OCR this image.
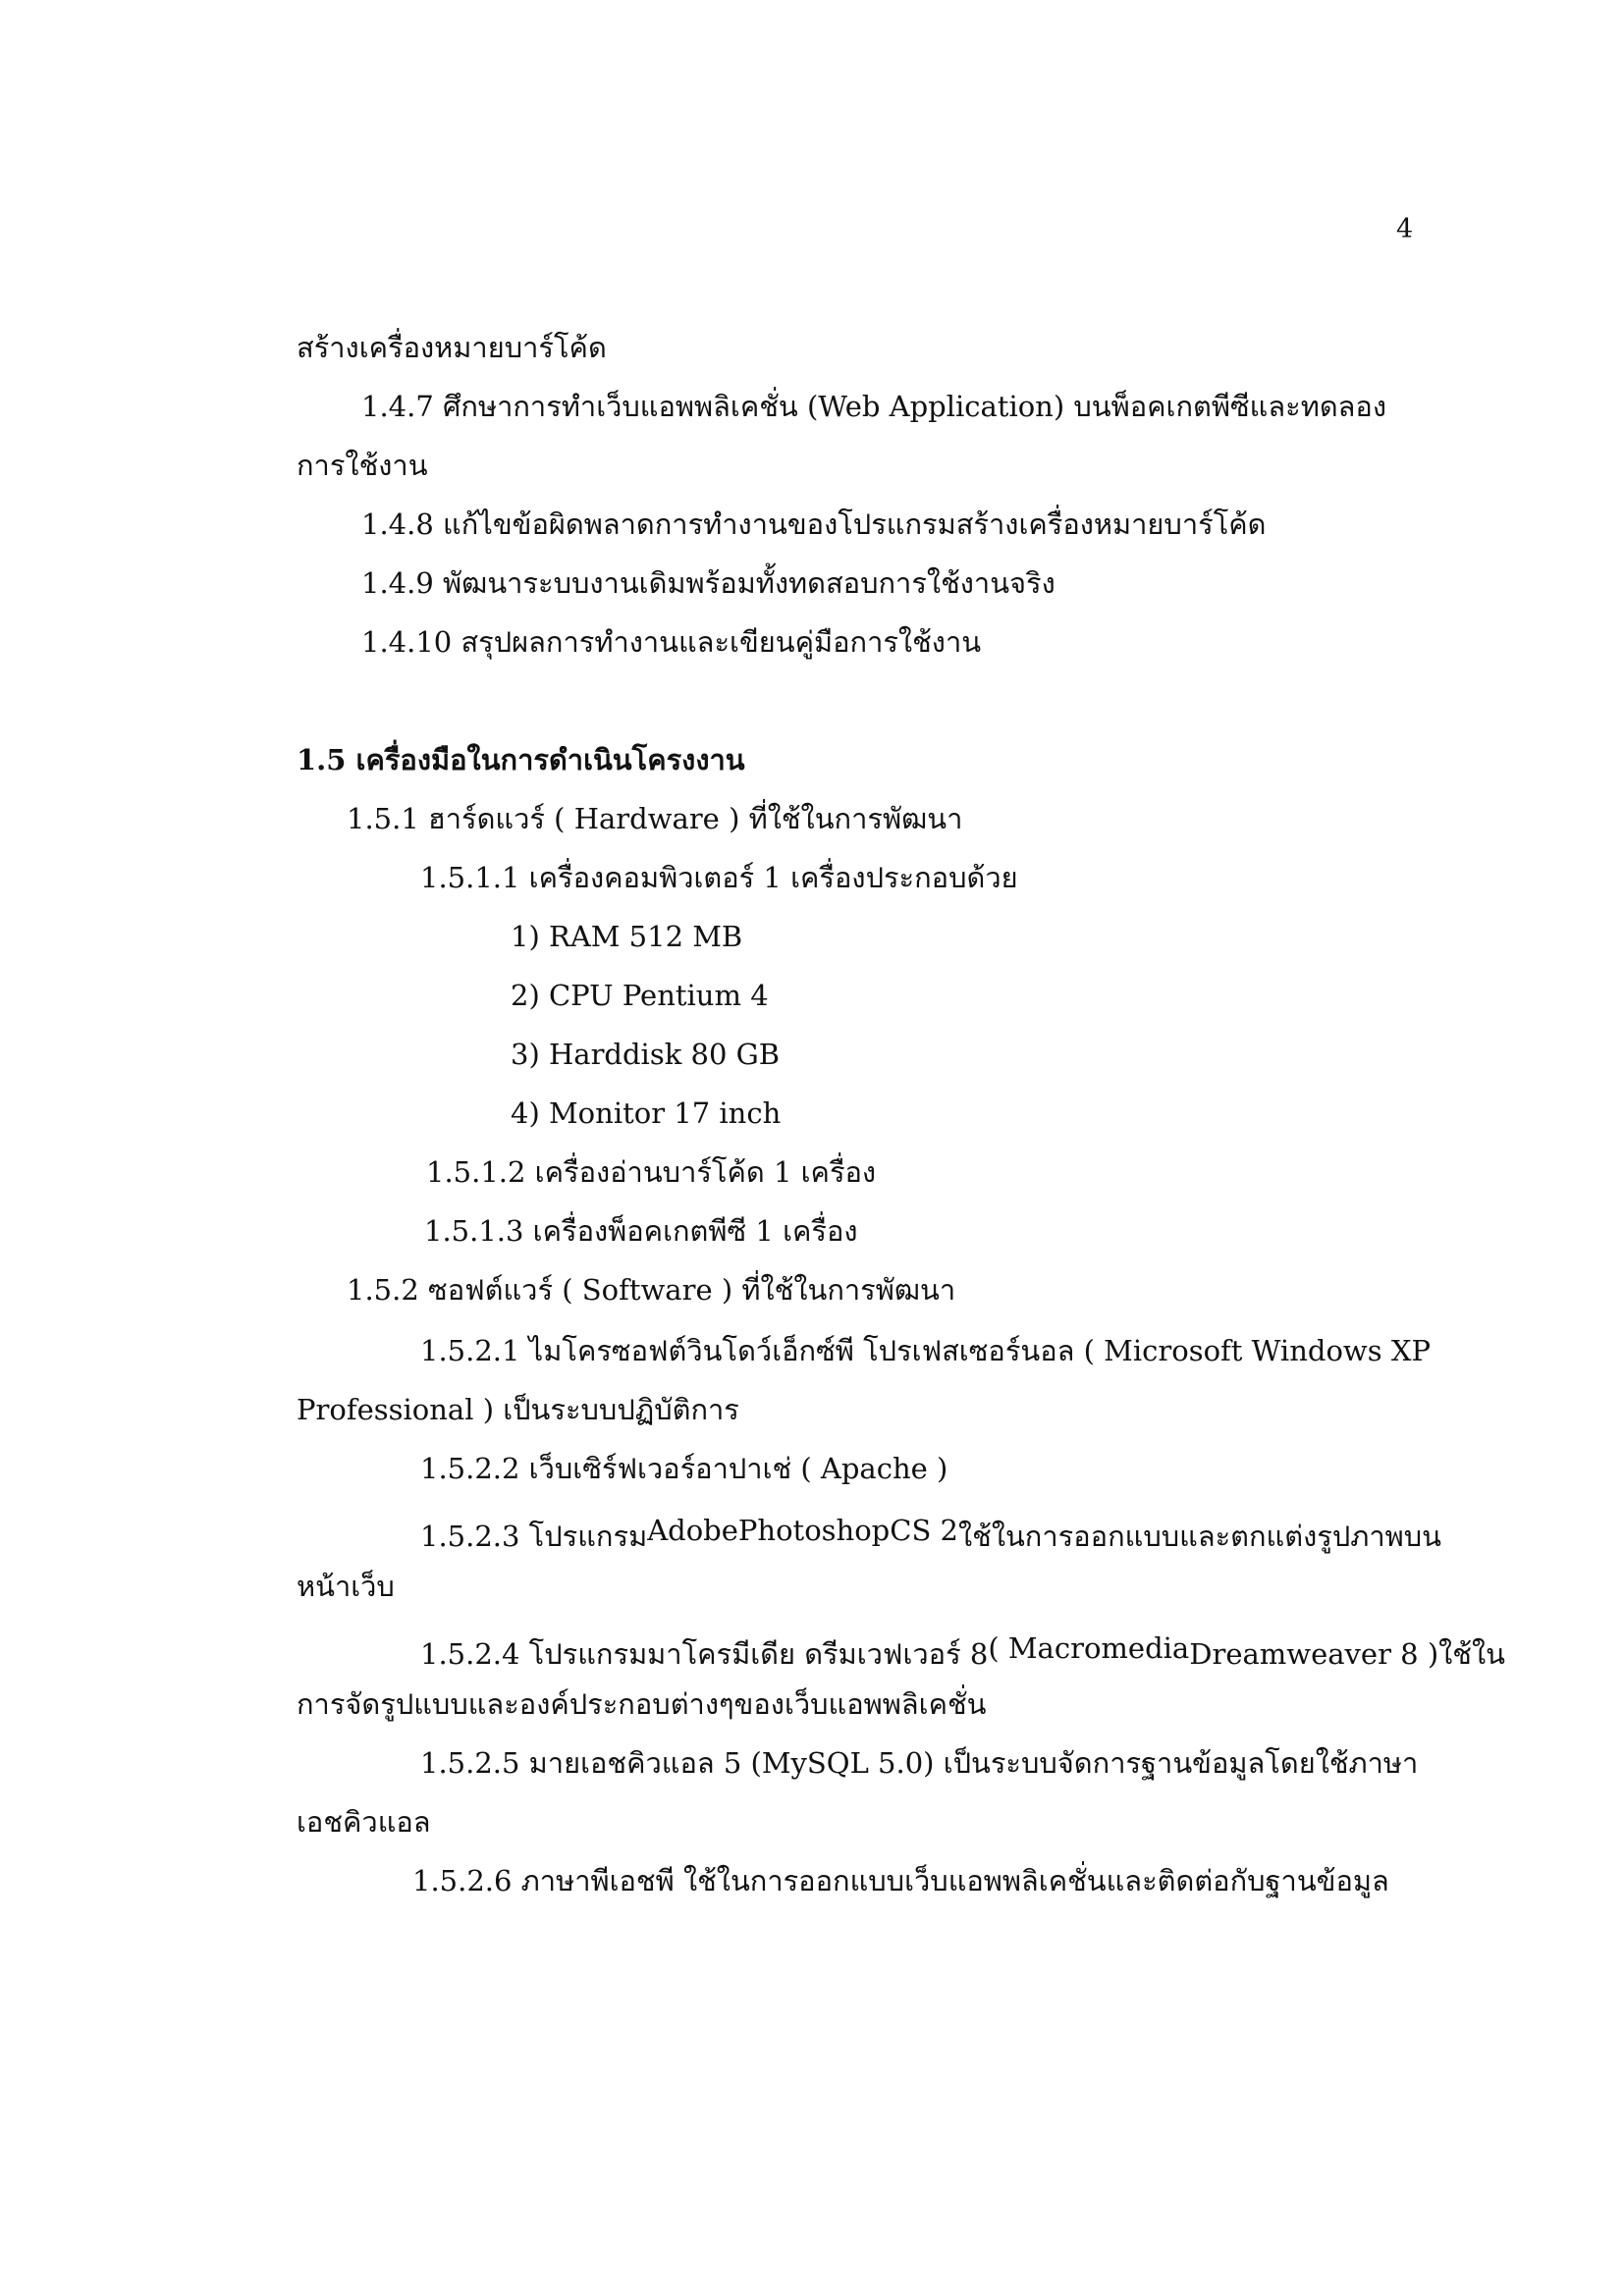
4
สร้างเครื่องหมายบาร์โค้ด
1.4.7 ศึกษาการทำเว็บแอพพลิเคชั่น (Web Application) บนพ็อคเกตพีซีและทดลอง
การใช้งาน
1.4.8 แก้ไขข้อผิดพลาดการทำงานของโปรแกรมสร้างเครื่องหมายบาร์โค้ด
1.4.9 พัฒนาระบบงานเดิมพร้อมทั้งทดสอบการใช้งานจริง
1.4.10 สรุปผลการทำงานและเขียนคู่มือการใช้งาน
1.5 เครื่องมือในการดำเนินโครงงาน
1.5.1 ฮาร์ดแวร์ ( Hardware ) ที่ใช้ในการพัฒนา
1.5.1.1 เครื่องคอมพิวเตอร์ 1 เครื่องประกอบด้วย
1) RAM 512 MB
2) CPU Pentium 4
3) Harddisk 80 GB
4) Monitor 17 inch
1.5.1.2 เครื่องอ่านบาร์โค้ด 1 เครื่อง
1.5.1.3 เครื่องพ็อคเกตพีซี 1 เครื่อง
1.5.2 ซอฟต์แวร์ ( Software ) ที่ใช้ในการพัฒนา
1.5.2.1 ไมโครซอฟต์วินโดว์เอ็กซ์พี โปรเฟสเซอร์นอล ( Microsoft Windows XP
Professional ) เป็นระบบปฏิบัติการ
1.5.2.2 เว็บเซิร์ฟเวอร์อาปาเช่ ( Apache )
1.5.2.3 โปรแกรม Adobe Photoshop CS 2 ใช้ในการออกแบบและตกแต่งรูปภาพบน
หน้าเว็บ
1.5.2.4 โปรแกรมมาโครมีเดีย ดรีมเวฟเวอร์ 8 ( Macromedia Dreamweaver 8 )ใช้ใน
การจัดรูปแบบและองค์ประกอบต่างๆของเว็บแอพพลิเคชั่น
1.5.2.5 มายเอชคิวแอล 5 (MySQL 5.0) เป็นระบบจัดการฐานข้อมูลโดยใช้ภาษา
เอชคิวแอล
1.5.2.6 ภาษาพีเอชพี ใช้ในการออกแบบเว็บแอพพลิเคชั่นและติดต่อกับฐานข้อมูล
